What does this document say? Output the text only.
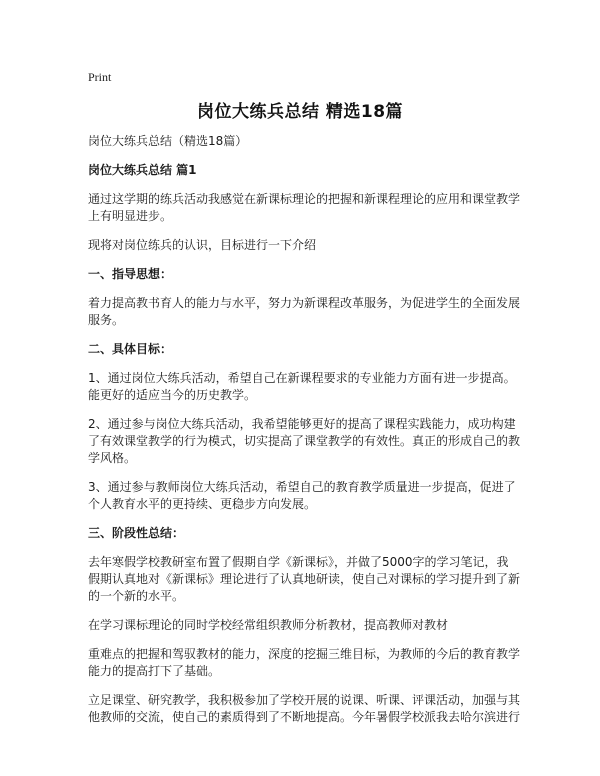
Print
岗位大练兵总结 精选18篇

岗位大练兵总结（精选18篇）

岗位大练兵总结 篇1

通过这学期的练兵活动我感觉在新课标理论的把握和新课程理论的应用和课堂教学上有明显进步。

现将对岗位练兵的认识，目标进行一下介绍

一、指导思想：

着力提高教书育人的能力与水平，努力为新课程改革服务，为促进学生的全面发展服务。

二、具体目标：

1、通过岗位大练兵活动，希望自己在新课程要求的专业能力方面有进一步提高。能更好的适应当今的历史教学。

2、通过参与岗位大练兵活动，我希望能够更好的提高了课程实践能力，成功构建了有效课堂教学的行为模式，切实提高了课堂教学的有效性。真正的形成自己的教学风格。

3、通过参与教师岗位大练兵活动，希望自己的教育教学质量进一步提高，促进了个人教育水平的更持续、更稳步方向发展。

三、阶段性总结：

去年寒假学校教研室布置了假期自学《新课标》，并做了5000字的学习笔记，我假期认真地对《新课标》理论进行了认真地研读，使自己对课标的学习提升到了新的一个新的水平。

在学习课标理论的同时学校经常组织教师分析教材，提高教师对教材

重难点的把握和驾驭教材的能力，深度的挖掘三维目标，为教师的今后的教育教学能力的提高打下了基础。

立足课堂、研究教学，我积极参加了学校开展的说课、听课、评课活动，加强与其他教师的交流，使自己的素质得到了不断地提高。今年暑假学校派我去哈尔滨进行
